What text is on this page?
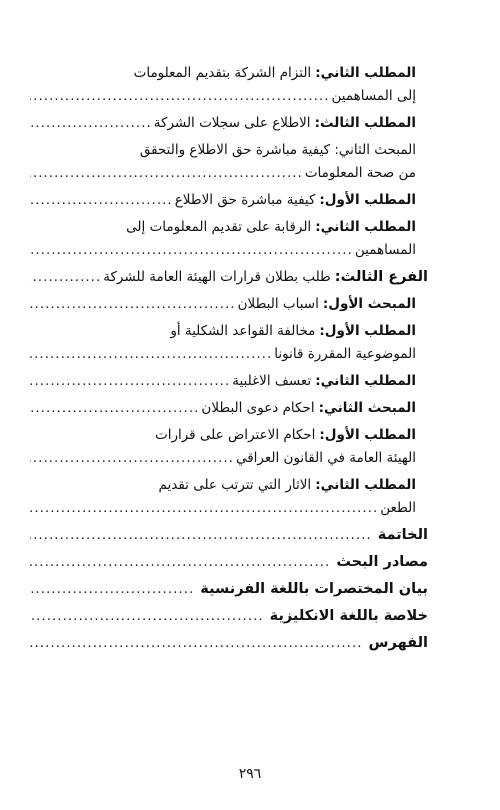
المطلب الثاني:
التزام الشركة بتقديم المعلومات
إلى المساهمين
.....
المطلب الثالث:
الاطلاع على سجلات الشركة
.....
المبحث الثاني: كيفية مباشرة حق الاطلاع والتحقق
من صحة المعلومات
.....
المطلب الأول:
كيفية مباشرة حق الاطلاع
.....
المطلب الثاني:
الرقابة على تقديم المعلومات إلى
المساهمين
.....
الفرع الثالث:
طلب بطلان قرارات الهيئة العامة للشركة
.....
المبحث الأول:
اسباب البطلان
.....
المطلب الأول:
مخالفة القواعد الشكلية أو
الموضوعية المقررة قانونا
.....
المطلب الثاني:
تعسف الاغلبية
.....
المبحث الثاني:
احكام دعوى البطلان
.....
المطلب الأول:
احكام الاعتراض على قرارات
الهيئة العامة في القانون العراقي
.....
المطلب الثاني:
الاثار التي تترتب على تقديم
الطعن
.....
الخاتمة
.....
مصادر البحث
.....
بيان المختصرات باللغة الفرنسية
.....
خلاصة باللغة الانكليزية
.....
الفهرس
.....
٢٩٦
